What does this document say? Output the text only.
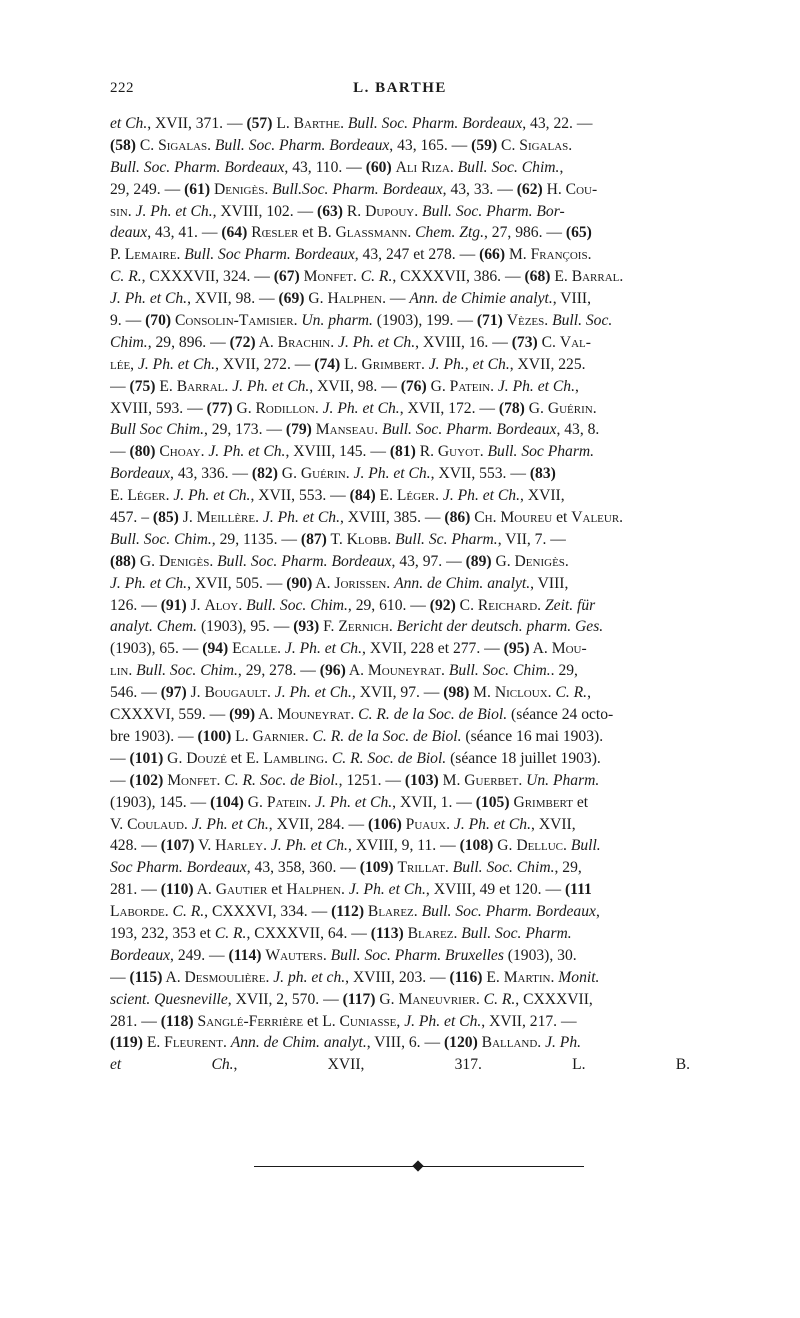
222	L. BARTHE
et Ch., XVII, 371. — (57) L. Barthe. Bull. Soc. Pharm. Bordeaux, 43, 22. —
(58) C. Sigalas. Bull. Soc. Pharm. Bordeaux, 43, 165. — (59) C. Sigalas.
Bull. Soc. Pharm. Bordeaux, 43, 110. — (60) Ali Riza. Bull. Soc. Chim.,
29, 249. — (61) Denigès. Bull.Soc. Pharm. Bordeaux, 43, 33. — (62) H. Cou-
sin. J. Ph. et Ch., XVIII, 102. — (63) R. Dupouy. Bull. Soc. Pharm. Bor-
deaux, 43, 41. — (64) Rœsler et B. Glassmann. Chem. Ztg., 27, 986. — (65)
P. Lemaire. Bull. Soc Pharm. Bordeaux, 43, 247 et 278. — (66) M. François.
C. R., CXXXVII, 324. — (67) Monfet. C. R., CXXXVII, 386. — (68) E. Barral.
J. Ph. et Ch., XVII, 98. — (69) G. Halphen. — Ann. de Chimie analyt., VIII,
9. — (70) Consolin-Tamisier. Un. pharm. (1903), 199. — (71) Vèzes. Bull. Soc.
Chim., 29, 896. — (72) A. Brachin. J. Ph. et Ch., XVIII, 16. — (73) C. Val-
lée, J. Ph. et Ch., XVII, 272. — (74) L. Grimbert. J. Ph., et Ch., XVII, 225.
— (75) E. Barral. J. Ph. et Ch., XVII, 98. — (76) G. Patein. J. Ph. et Ch.,
XVIII, 593. — (77) G. Rodillon. J. Ph. et Ch., XVII, 172. — (78) G. Guérin.
Bull Soc Chim., 29, 173. — (79) Manseau. Bull. Soc. Pharm. Bordeaux, 43, 8.
— (80) Choay. J. Ph. et Ch., XVIII, 145. — (81) R. Guyot. Bull. Soc Pharm.
Bordeaux, 43, 336. — (82) G. Guérin. J. Ph. et Ch., XVII, 553. — (83)
E. Léger. J. Ph. et Ch., XVII, 553. — (84) E. Léger. J. Ph. et Ch., XVII,
457. – (85) J. Meillère. J. Ph. et Ch., XVIII, 385. — (86) Ch. Moureu et Valeur.
Bull. Soc. Chim., 29, 1135. — (87) T. Klobb. Bull. Sc. Pharm., VII, 7. —
(88) G. Denigès. Bull. Soc. Pharm. Bordeaux, 43, 97. — (89) G. Denigès.
J. Ph. et Ch., XVII, 505. — (90) A. Jorissen. Ann. de Chim. analyt., VIII,
126. — (91) J. Aloy. Bull. Soc. Chim., 29, 610. — (92) C. Reichard. Zeit. für
analyt. Chem. (1903), 95. — (93) F. Zernich. Bericht der deutsch. pharm. Ges.
(1903), 65. — (94) Ecalle. J. Ph. et Ch., XVII, 228 et 277. — (95) A. Mou-
lin. Bull. Soc. Chim., 29, 278. — (96) A. Mouneyrat. Bull. Soc. Chim.. 29,
546. — (97) J. Bougault. J. Ph. et Ch., XVII, 97. — (98) M. Nicloux. C. R.,
CXXXVI, 559. — (99) A. Mouneyrat. C. R. de la Soc. de Biol. (séance 24 octo-
bre 1903). — (100) L. Garnier. C. R. de la Soc. de Biol. (séance 16 mai 1903).
— (101) G. Douzé et E. Lambling. C. R. Soc. de Biol. (séance 18 juillet 1903).
— (102) Monfet. C. R. Soc. de Biol., 1251. — (103) M. Guerbet. Un. Pharm.
(1903), 145. — (104) G. Patein. J. Ph. et Ch., XVII, 1. — (105) Grimbert et
V. Coulaud. J. Ph. et Ch., XVII, 284. — (106) Puaux. J. Ph. et Ch., XVII,
428. — (107) V. Harley. J. Ph. et Ch., XVIII, 9, 11. — (108) G. Delluc. Bull.
Soc Pharm. Bordeaux, 43, 358, 360. — (109) Trillat. Bull. Soc. Chim., 29,
281. — (110) A. Gautier et Halphen. J. Ph. et Ch., XVIII, 49 et 120. — (111
Laborde. C. R., CXXXVI, 334. — (112) Blarez. Bull. Soc. Pharm. Bordeaux,
193, 232, 353 et C. R., CXXXVII, 64. — (113) Blarez. Bull. Soc. Pharm.
Bordeaux, 249. — (114) Wauters. Bull. Soc. Pharm. Bruxelles (1903), 30.
— (115) A. Desmoulière. J. ph. et ch., XVIII, 203. — (116) E. Martin. Monit.
scient. Quesneville, XVII, 2, 570. — (117) G. Maneuvrier. C. R., CXXXVII,
281. — (118) Sanglé-Ferrière et L. Cuniasse, J. Ph. et Ch., XVII, 217. —
(119) E. Fleurent. Ann. de Chim. analyt., VIII, 6. — (120) Balland. J. Ph.
et Ch., XVII, 317. L. B.
